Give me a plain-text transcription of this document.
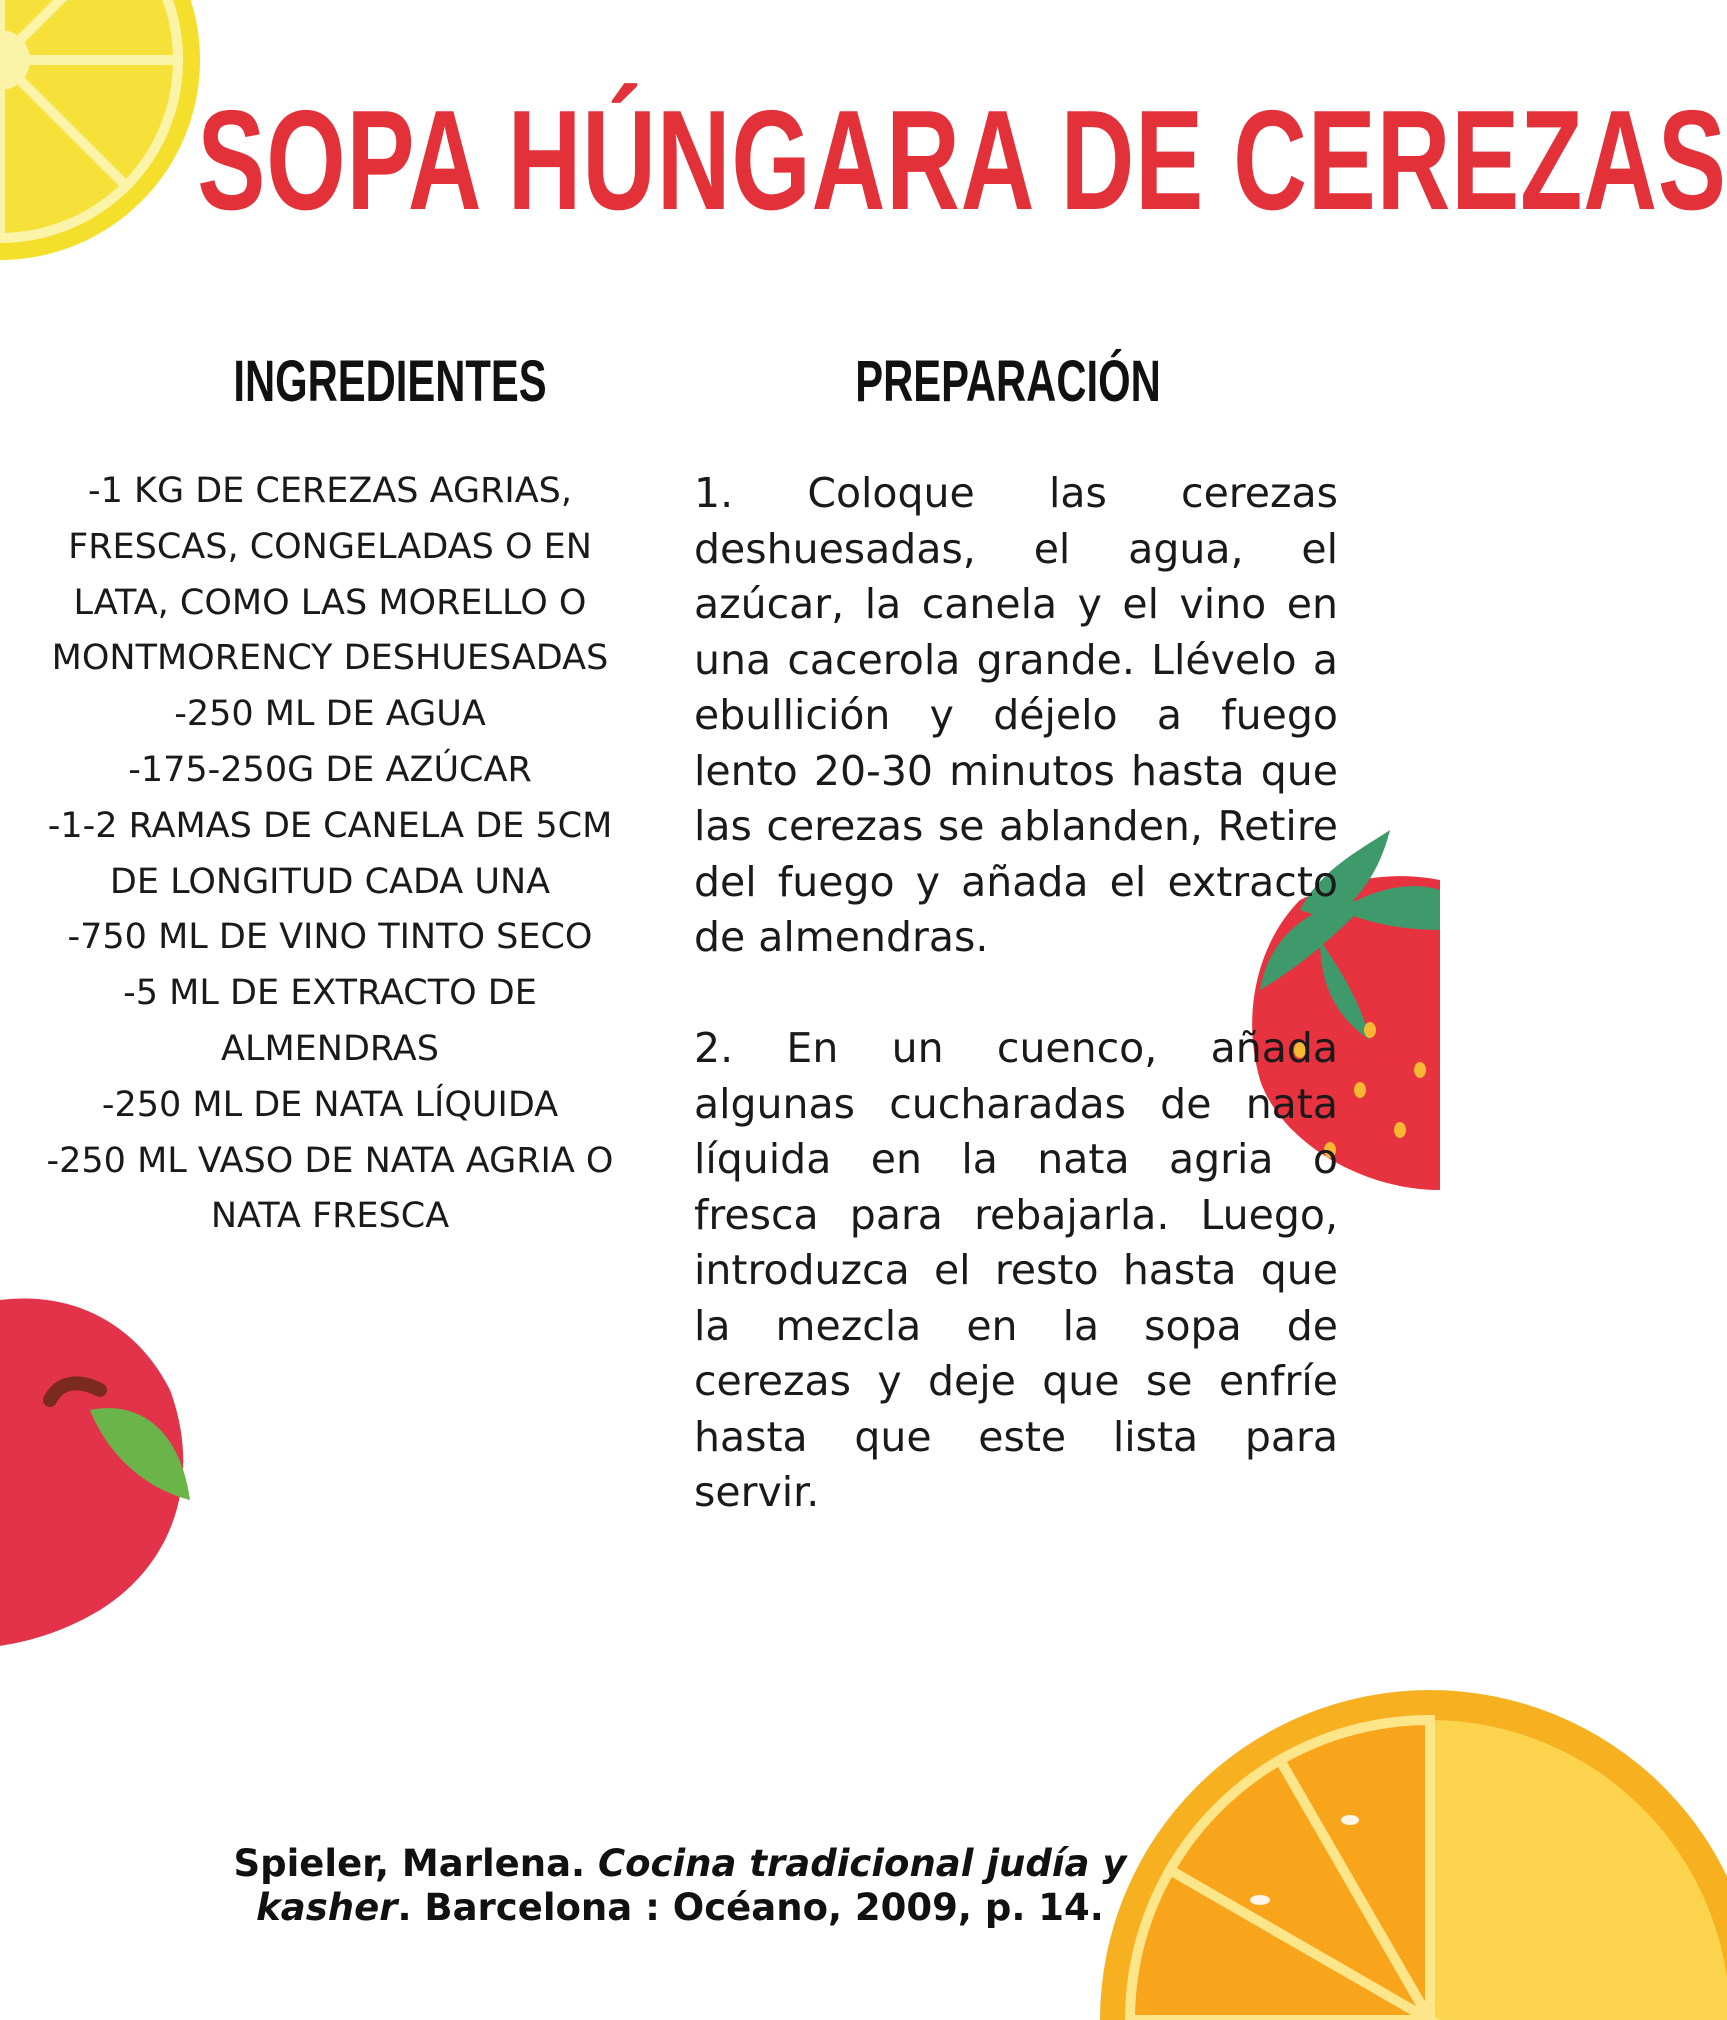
SOPA HÚNGARA DE CEREZAS
INGREDIENTES	PREPARACIÓN
-1 KG DE CEREZAS AGRIAS, FRESCAS, CONGELADAS O EN LATA, COMO LAS MORELLO O MONTMORENCY DESHUESADAS
-250 ML DE AGUA
-175-250G DE AZÚCAR
-1-2 RAMAS DE CANELA DE 5CM DE LONGITUD CADA UNA
-750 ML DE VINO TINTO SECO
-5 ML DE EXTRACTO DE ALMENDRAS
-250 ML DE NATA LÍQUIDA
-250 ML VASO DE NATA AGRIA O NATA FRESCA

1. Coloque las cerezas deshuesadas, el agua, el azúcar, la canela y el vino en una cacerola grande. Llévelo a ebullición y déjelo a fuego lento 20-30 minutos hasta que las cerezas se ablanden, Retire del fuego y añada el extracto de almendras.

2. En un cuenco, añada algunas cucharadas de nata líquida en la nata agria o fresca para rebajarla. Luego, introduzca el resto hasta que la mezcla en la sopa de cerezas y deje que se enfríe hasta que este lista para servir.

Spieler, Marlena. Cocina tradicional judía y kasher. Barcelona : Océano, 2009, p. 14.
